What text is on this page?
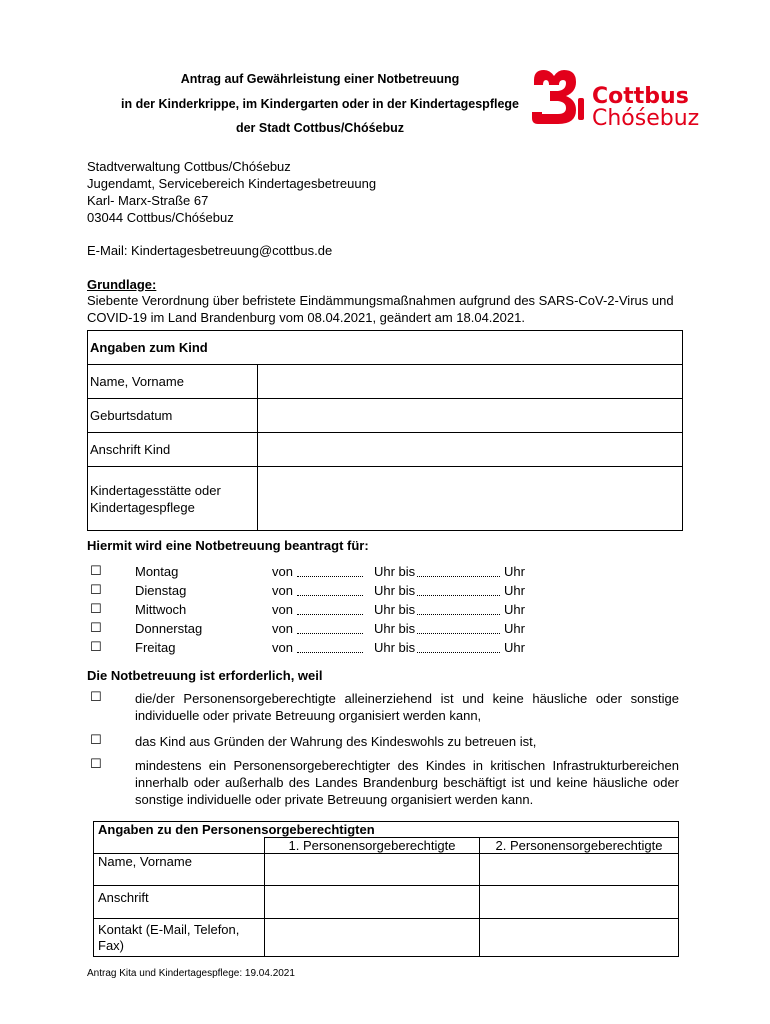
Antrag auf Gewährleistung einer Notbetreuung
in der Kinderkrippe, im Kindergarten oder in der Kindertagespflege
der Stadt Cottbus/Chóśebuz
Cottbus
Chóśebuz
Stadtverwaltung Cottbus/Chóśebuz
Jugendamt, Servicebereich Kindertagesbetreuung
Karl- Marx-Straße 67
03044 Cottbus/Chóśebuz
E-Mail: Kindertagesbetreuung@cottbus.de
Grundlage:
Siebente Verordnung über befristete Eindämmungsmaßnahmen aufgrund des SARS-CoV-2-Virus und
COVID-19 im Land Brandenburg vom 08.04.2021, geändert am 18.04.2021.
Angaben zum Kind	
Name, Vorname	
Geburtsdatum	
Anschrift Kind	
Kindertagesstätte oder Kindertagespflege	
Hiermit wird eine Notbetreuung beantragt für:
☐	Montag	von	Uhr bis	Uhr
☐	Dienstag	von	Uhr bis	Uhr
☐	Mittwoch	von	Uhr bis	Uhr
☐	Donnerstag	von	Uhr bis	Uhr
☐	Freitag	von	Uhr bis	Uhr
Die Notbetreuung ist erforderlich, weil
☐	die/der Personensorgeberechtigte alleinerziehend ist und keine häusliche oder sonstige
individuelle oder private Betreuung organisiert werden kann,
☐	das Kind aus Gründen der Wahrung des Kindeswohls zu betreuen ist,
☐	mindestens ein Personensorgeberechtigter des Kindes in kritischen Infrastrukturbereichen
innerhalb oder außerhalb des Landes Brandenburg beschäftigt ist und keine häusliche oder
sonstige individuelle oder private Betreuung organisiert werden kann.
Angaben zu den Personensorgeberechtigten		
	1. Personensorgeberechtigte	2. Personensorgeberechtigte
Name, Vorname		
Anschrift		
Kontakt (E-Mail, Telefon, Fax)		
Antrag Kita und Kindertagespflege: 19.04.2021
